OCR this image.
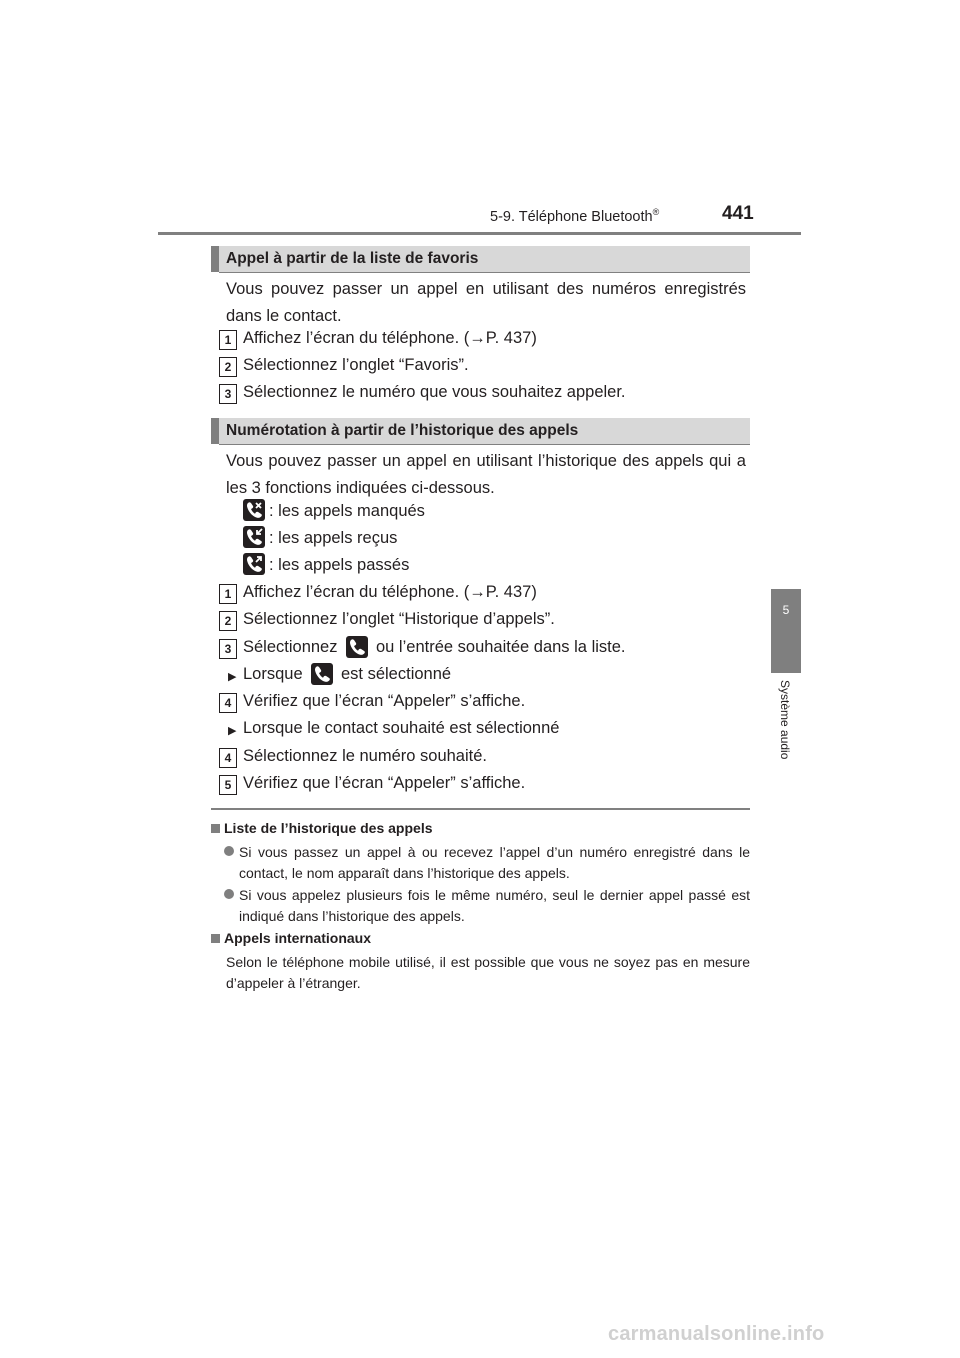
5-9. Téléphone Bluetooth®	441
5
Système audio
Appel à partir de la liste de favoris
Vous pouvez passer un appel en utilisant des numéros enregistrés dans le contact.
1 Affichez l’écran du téléphone. (→P. 437)
2 Sélectionnez l’onglet “Favoris”.
3 Sélectionnez le numéro que vous souhaitez appeler.
Numérotation à partir de l’historique des appels
Vous pouvez passer un appel en utilisant l’historique des appels qui a les 3 fonctions indiquées ci-dessous.
: les appels manqués
: les appels reçus
: les appels passés
1 Affichez l’écran du téléphone. (→P. 437)
2 Sélectionnez l’onglet “Historique d’appels”.
3 Sélectionnez ou l’entrée souhaitée dans la liste.
▶ Lorsque est sélectionné
4 Vérifiez que l’écran “Appeler” s’affiche.
▶ Lorsque le contact souhaité est sélectionné
4 Sélectionnez le numéro souhaité.
5 Vérifiez que l’écran “Appeler” s’affiche.
Liste de l’historique des appels
Si vous passez un appel à ou recevez l’appel d’un numéro enregistré dans le contact, le nom apparaît dans l’historique des appels.
Si vous appelez plusieurs fois le même numéro, seul le dernier appel passé est indiqué dans l’historique des appels.
Appels internationaux
Selon le téléphone mobile utilisé, il est possible que vous ne soyez pas en mesure d’appeler à l’étranger.
carmanualsonline.info
